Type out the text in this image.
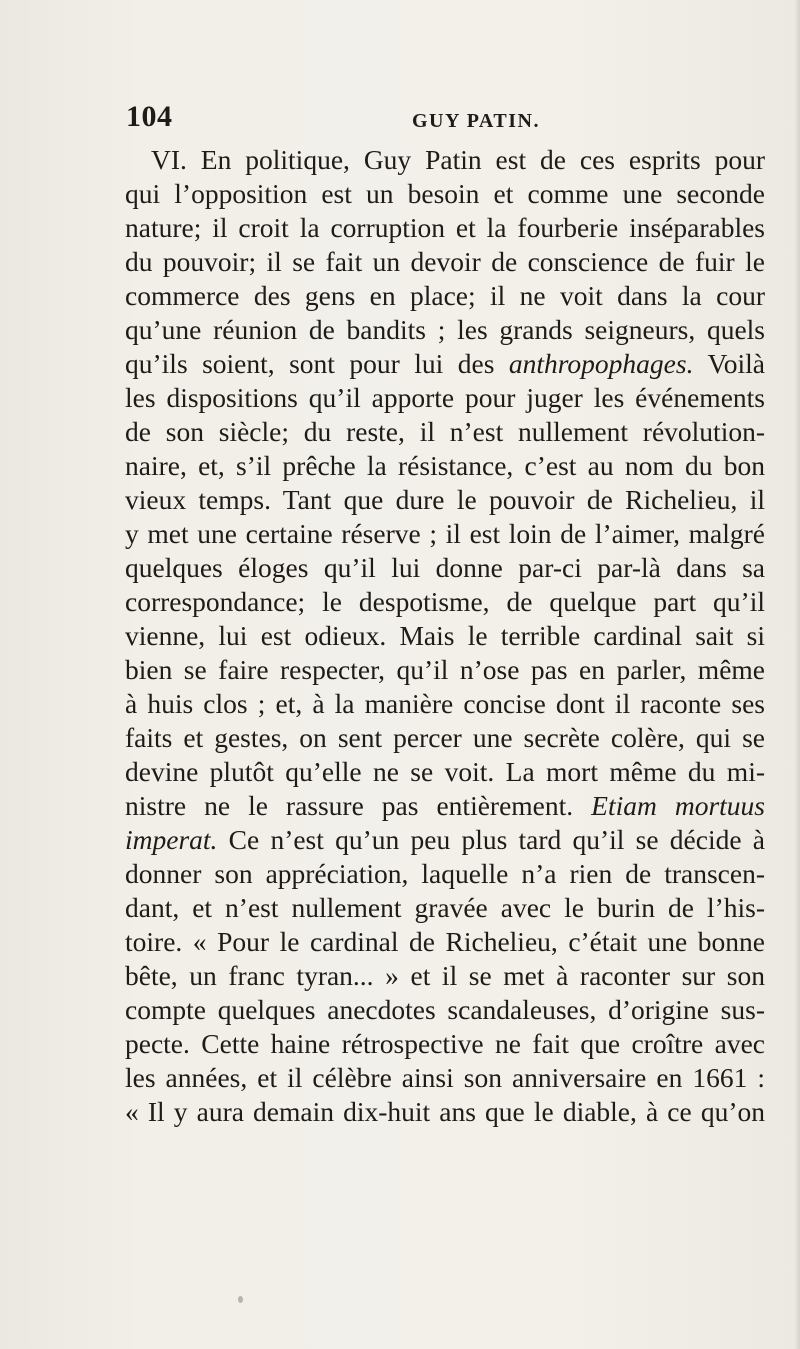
104	GUY PATIN.
VI. En politique, Guy Patin est de ces esprits pour
qui l’opposition est un besoin et comme une seconde
nature; il croit la corruption et la fourberie inséparables
du pouvoir; il se fait un devoir de conscience de fuir le
commerce des gens en place; il ne voit dans la cour
qu’une réunion de bandits ; les grands seigneurs, quels
qu’ils soient, sont pour lui des anthropophages. Voilà
les dispositions qu’il apporte pour juger les événements
de son siècle; du reste, il n’est nullement révolution-
naire, et, s’il prêche la résistance, c’est au nom du bon
vieux temps. Tant que dure le pouvoir de Richelieu, il
y met une certaine réserve ; il est loin de l’aimer, malgré
quelques éloges qu’il lui donne par-ci par-là dans sa
correspondance; le despotisme, de quelque part qu’il
vienne, lui est odieux. Mais le terrible cardinal sait si
bien se faire respecter, qu’il n’ose pas en parler, même
à huis clos ; et, à la manière concise dont il raconte ses
faits et gestes, on sent percer une secrète colère, qui se
devine plutôt qu’elle ne se voit. La mort même du mi-
nistre ne le rassure pas entièrement. Etiam mortuus
imperat. Ce n’est qu’un peu plus tard qu’il se décide à
donner son appréciation, laquelle n’a rien de transcen-
dant, et n’est nullement gravée avec le burin de l’his-
toire. « Pour le cardinal de Richelieu, c’était une bonne
bête, un franc tyran... » et il se met à raconter sur son
compte quelques anecdotes scandaleuses, d’origine sus-
pecte. Cette haine rétrospective ne fait que croître avec
les années, et il célèbre ainsi son anniversaire en 1661 :
« Il y aura demain dix-huit ans que le diable, à ce qu’on
